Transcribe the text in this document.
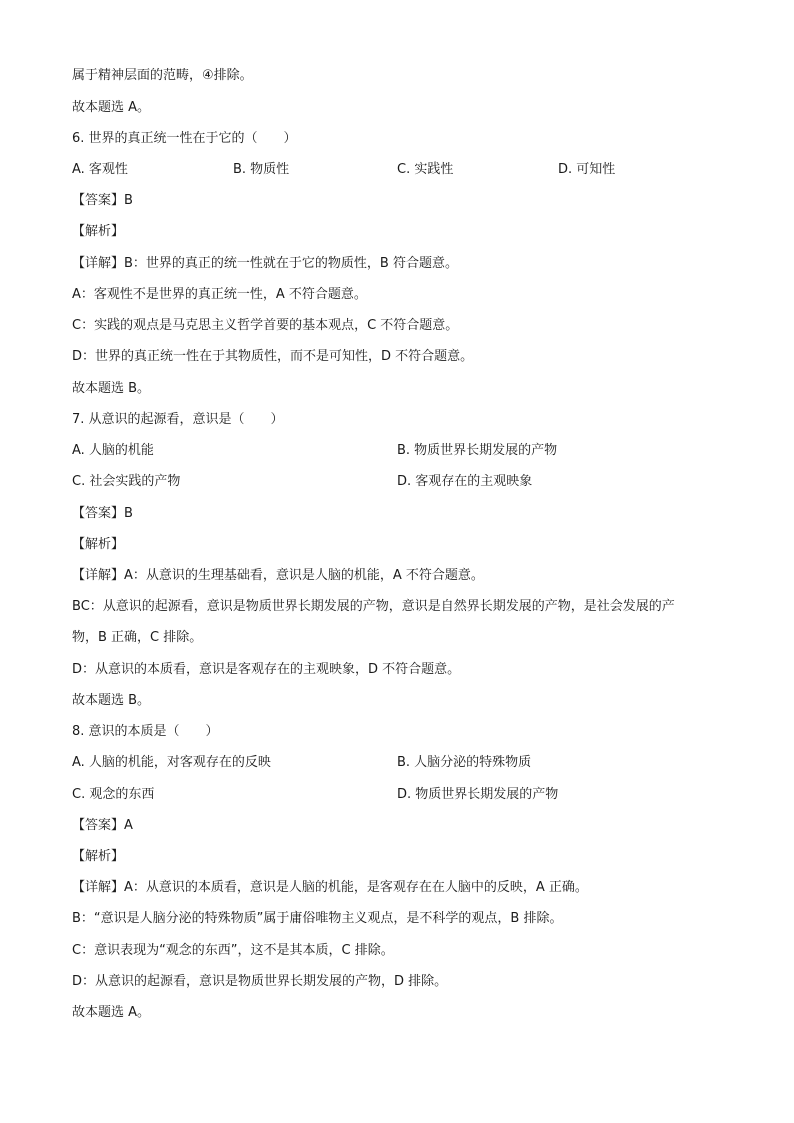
属于精神层面的范畴，④排除。
故本题选 A。
6. 世界的真正统一性在于它的（　　）
A. 客观性	B. 物质性	C. 实践性	D. 可知性
【答案】B
【解析】
【详解】B：世界的真正的统一性就在于它的物质性，B 符合题意。
A：客观性不是世界的真正统一性，A 不符合题意。
C：实践的观点是马克思主义哲学首要的基本观点，C 不符合题意。
D：世界的真正统一性在于其物质性，而不是可知性，D 不符合题意。
故本题选 B。
7. 从意识的起源看，意识是（　　）
A. 人脑的机能	B. 物质世界长期发展的产物
C. 社会实践的产物	D. 客观存在的主观映象
【答案】B
【解析】
【详解】A：从意识的生理基础看，意识是人脑的机能，A 不符合题意。
BC：从意识的起源看，意识是物质世界长期发展的产物，意识是自然界长期发展的产物，是社会发展的产
物，B 正确，C 排除。
D：从意识的本质看，意识是客观存在的主观映象，D 不符合题意。
故本题选 B。
8. 意识的本质是（　　）
A. 人脑的机能，对客观存在的反映	B. 人脑分泌的特殊物质
C. 观念的东西	D. 物质世界长期发展的产物
【答案】A
【解析】
【详解】A：从意识的本质看，意识是人脑的机能，是客观存在在人脑中的反映，A 正确。
B：“意识是人脑分泌的特殊物质”属于庸俗唯物主义观点，是不科学的观点，B 排除。
C：意识表现为“观念的东西”，这不是其本质，C 排除。
D：从意识的起源看，意识是物质世界长期发展的产物，D 排除。
故本题选 A。
